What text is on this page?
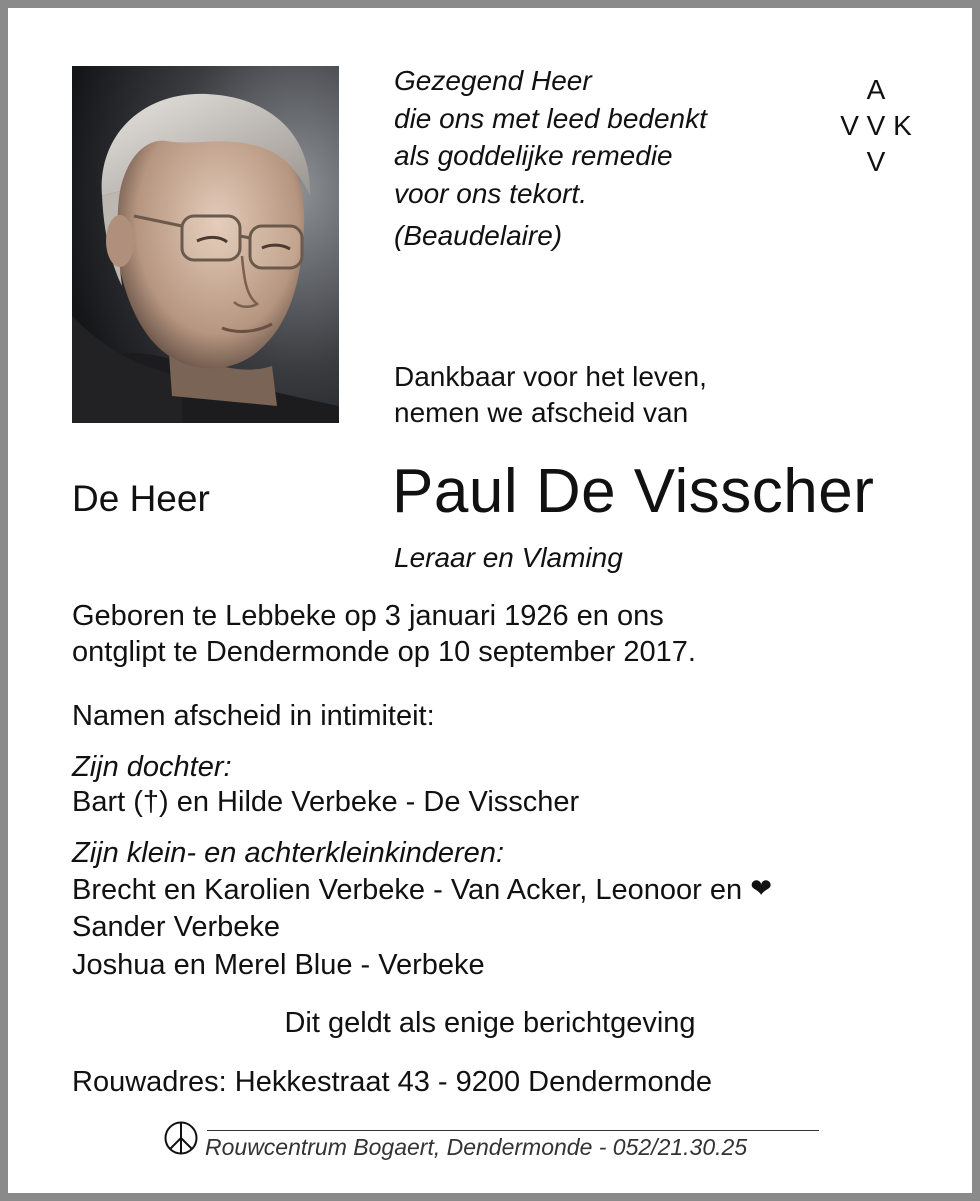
Gezegend Heer
die ons met leed bedenkt
als goddelijke remedie
voor ons tekort.
(Beaudelaire)
A
V V K
V
Dankbaar voor het leven,
nemen we afscheid van
De Heer	Paul De Visscher
Leraar en Vlaming
Geboren te Lebbeke op 3 januari 1926 en ons
ontglipt te Dendermonde op 10 september 2017.
Namen afscheid in intimiteit:
Zijn dochter:
Bart (†) en Hilde Verbeke - De Visscher
Zijn klein- en achterkleinkinderen:
Brecht en Karolien Verbeke - Van Acker, Leonoor en ❤
Sander Verbeke
Joshua en Merel Blue - Verbeke
Dit geldt als enige berichtgeving
Rouwadres: Hekkestraat 43 - 9200 Dendermonde
Rouwcentrum Bogaert, Dendermonde - 052/21.30.25
